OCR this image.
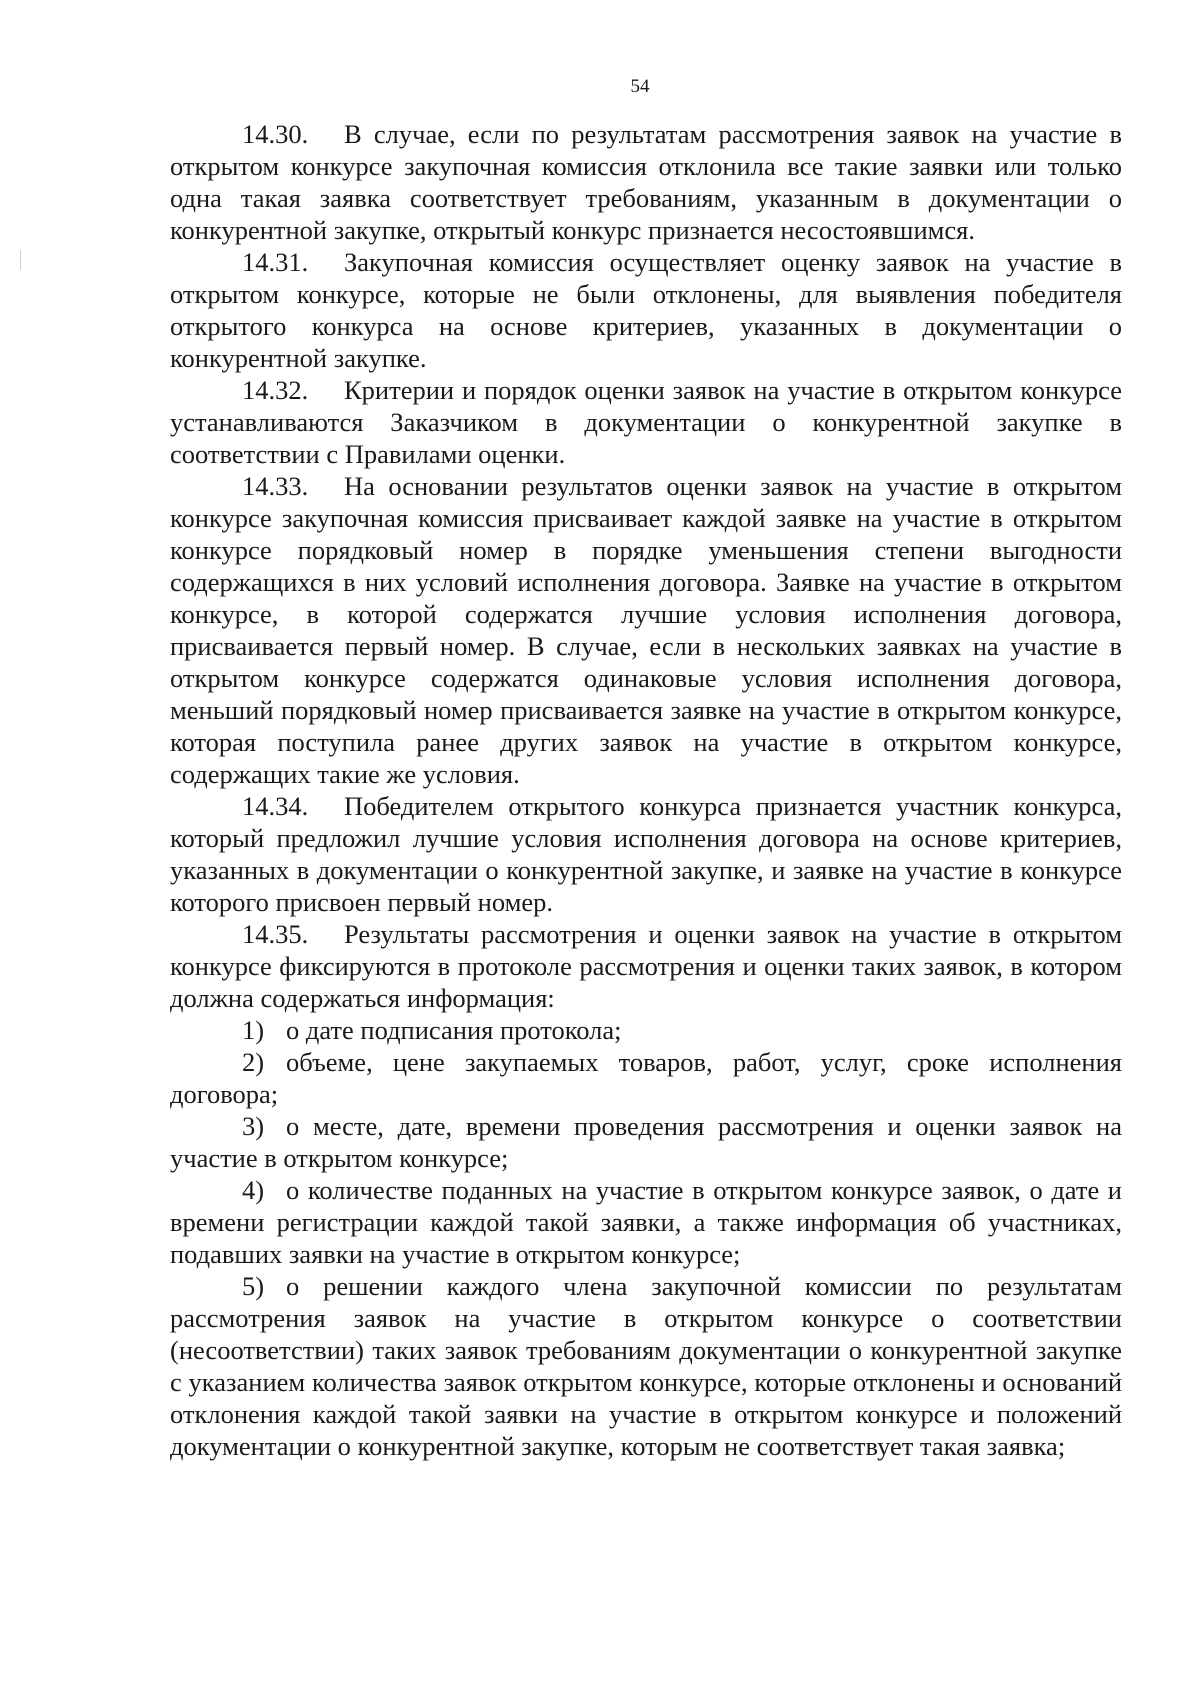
54

14.30. В случае, если по результатам рассмотрения заявок на участие в открытом конкурсе закупочная комиссия отклонила все такие заявки или только одна такая заявка соответствует требованиям, указанным в документации о конкурентной закупке, открытый конкурс признается несостоявшимся.

14.31. Закупочная комиссия осуществляет оценку заявок на участие в открытом конкурсе, которые не были отклонены, для выявления победителя открытого конкурса на основе критериев, указанных в документации о конкурентной закупке.

14.32. Критерии и порядок оценки заявок на участие в открытом конкурсе устанавливаются Заказчиком в документации о конкурентной закупке в соответствии с Правилами оценки.

14.33. На основании результатов оценки заявок на участие в открытом конкурсе закупочная комиссия присваивает каждой заявке на участие в открытом конкурсе порядковый номер в порядке уменьшения степени выгодности содержащихся в них условий исполнения договора. Заявке на участие в открытом конкурсе, в которой содержатся лучшие условия исполнения договора, присваивается первый номер. В случае, если в нескольких заявках на участие в открытом конкурсе содержатся одинаковые условия исполнения договора, меньший порядковый номер присваивается заявке на участие в открытом конкурсе, которая поступила ранее других заявок на участие в открытом конкурсе, содержащих такие же условия.

14.34. Победителем открытого конкурса признается участник конкурса, который предложил лучшие условия исполнения договора на основе критериев, указанных в документации о конкурентной закупке, и заявке на участие в конкурсе которого присвоен первый номер.

14.35. Результаты рассмотрения и оценки заявок на участие в открытом конкурсе фиксируются в протоколе рассмотрения и оценки таких заявок, в котором должна содержаться информация:

1) о дате подписания протокола;

2) объеме, цене закупаемых товаров, работ, услуг, сроке исполнения договора;

3) о месте, дате, времени проведения рассмотрения и оценки заявок на участие в открытом конкурсе;

4) о количестве поданных на участие в открытом конкурсе заявок, о дате и времени регистрации каждой такой заявки, а также информация об участниках, подавших заявки на участие в открытом конкурсе;

5) о решении каждого члена закупочной комиссии по результатам рассмотрения заявок на участие в открытом конкурсе о соответствии (несоответствии) таких заявок требованиям документации о конкурентной закупке с указанием количества заявок открытом конкурсе, которые отклонены и оснований отклонения каждой такой заявки на участие в открытом конкурсе и положений документации о конкурентной закупке, которым не соответствует такая заявка;
